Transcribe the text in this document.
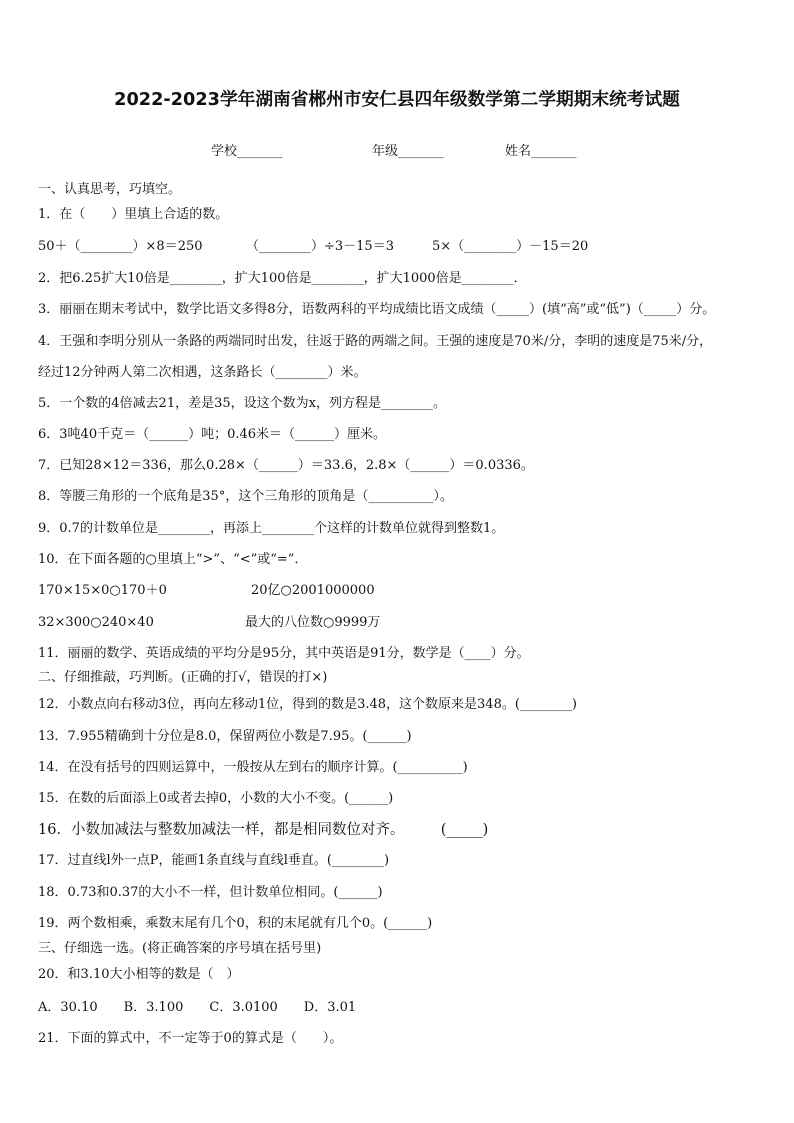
2022-2023学年湖南省郴州市安仁县四年级数学第二学期期末统考试题
学校_______	年级_______	姓名_______
一、认真思考，巧填空。
1．在（　　）里填上合适的数。
50＋（________）×8＝250	（________）÷3－15＝3	5×（________）－15＝20
2．把6.25扩大10倍是________，扩大100倍是________，扩大1000倍是________．
3．丽丽在期末考试中，数学比语文多得8分，语数两科的平均成绩比语文成绩（_____）(填“高”或“低”)（_____）分。
4．王强和李明分别从一条路的两端同时出发，往返于路的两端之间。王强的速度是70米/分，李明的速度是75米/分，
经过12分钟两人第二次相遇，这条路长（________）米。
5．一个数的4倍减去21，差是35，设这个数为x，列方程是________。
6．3吨40千克＝（______）吨；0.46米＝（______）厘米。
7．已知28×12＝336，那么0.28×（______）＝33.6，2.8×（______）＝0.0336。
8．等腰三角形的一个底角是35°，这个三角形的顶角是（__________）。
9．0.7的计数单位是________，再添上________个这样的计数单位就得到整数1。
10．在下面各题的○里填上“>”、“<”或“=”．
170×15×0○170＋0	20亿○2001000000
32×300○240×40	最大的八位数○9999万
11．丽丽的数学、英语成绩的平均分是95分，其中英语是91分，数学是（____）分。
二、仔细推敲，巧判断。(正确的打√，错误的打×)
12．小数点向右移动3位，再向左移动1位，得到的数是3.48，这个数原来是348。(________)
13．7.955精确到十分位是8.0，保留两位小数是7.95。(______)
14．在没有括号的四则运算中，一般按从左到右的顺序计算。(__________)
15．在数的后面添上0或者去掉0，小数的大小不变。(______)
16．小数加减法与整数加减法一样，都是相同数位对齐。　　　(_____)
17．过直线l外一点P，能画1条直线与直线l垂直。(________)
18．0.73和0.37的大小不一样，但计数单位相同。(______)
19．两个数相乘，乘数末尾有几个0，积的末尾就有几个0。(______)
三、仔细选一选。(将正确答案的序号填在括号里)
20．和3.10大小相等的数是（　）
A．30.10　　B．3.100　　C．3.0100　　D．3.01
21．下面的算式中，不一定等于0的算式是（　　）。
